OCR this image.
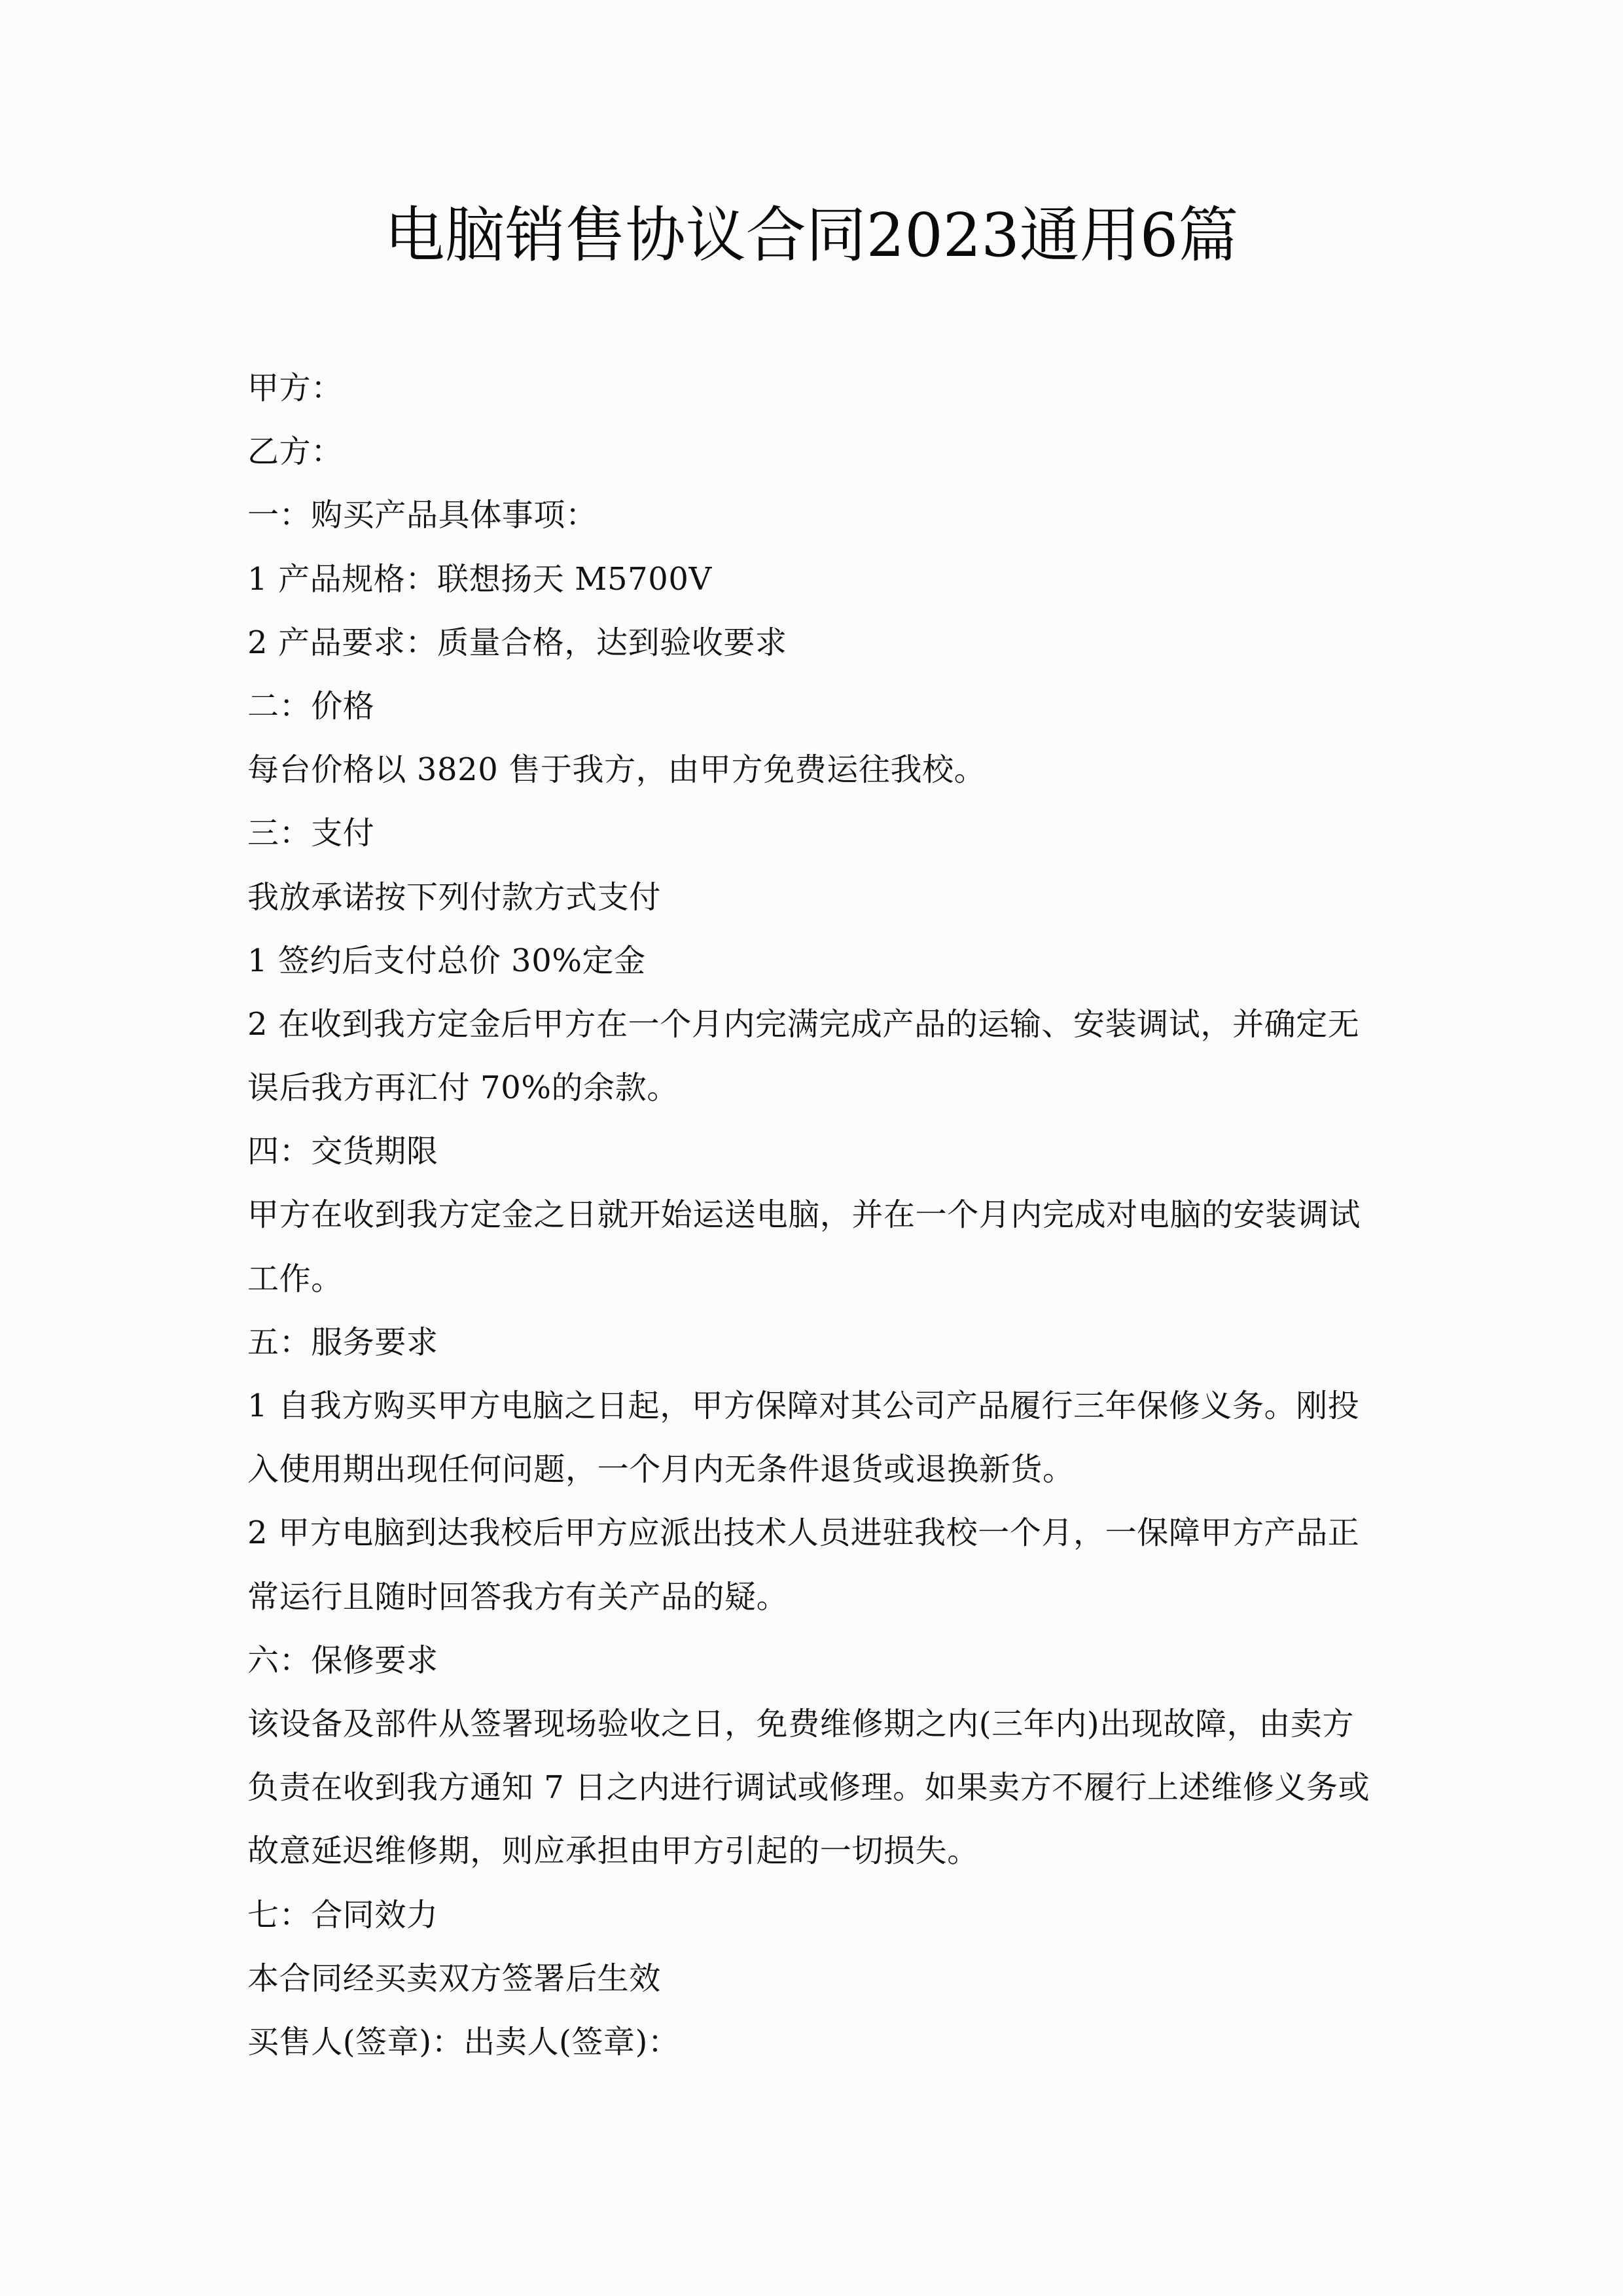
电脑销售协议合同2023通用6篇

甲方：

乙方：

一：购买产品具体事项：

1 产品规格：联想扬天 M5700V

2 产品要求：质量合格，达到验收要求

二：价格

每台价格以 3820 售于我方，由甲方免费运往我校。

三：支付

我放承诺按下列付款方式支付

1 签约后支付总价 30%定金

2 在收到我方定金后甲方在一个月内完满完成产品的运输、安装调试，并确定无

误后我方再汇付 70%的余款。

四：交货期限

甲方在收到我方定金之日就开始运送电脑，并在一个月内完成对电脑的安装调试

工作。

五：服务要求

1 自我方购买甲方电脑之日起，甲方保障对其公司产品履行三年保修义务。刚投

入使用期出现任何问题，一个月内无条件退货或退换新货。

2 甲方电脑到达我校后甲方应派出技术人员进驻我校一个月，一保障甲方产品正

常运行且随时回答我方有关产品的疑。

六：保修要求

该设备及部件从签署现场验收之日，免费维修期之内(三年内)出现故障，由卖方

负责在收到我方通知 7 日之内进行调试或修理。如果卖方不履行上述维修义务或

故意延迟维修期，则应承担由甲方引起的一切损失。

七：合同效力

本合同经买卖双方签署后生效

买售人(签章)：出卖人(签章)：
